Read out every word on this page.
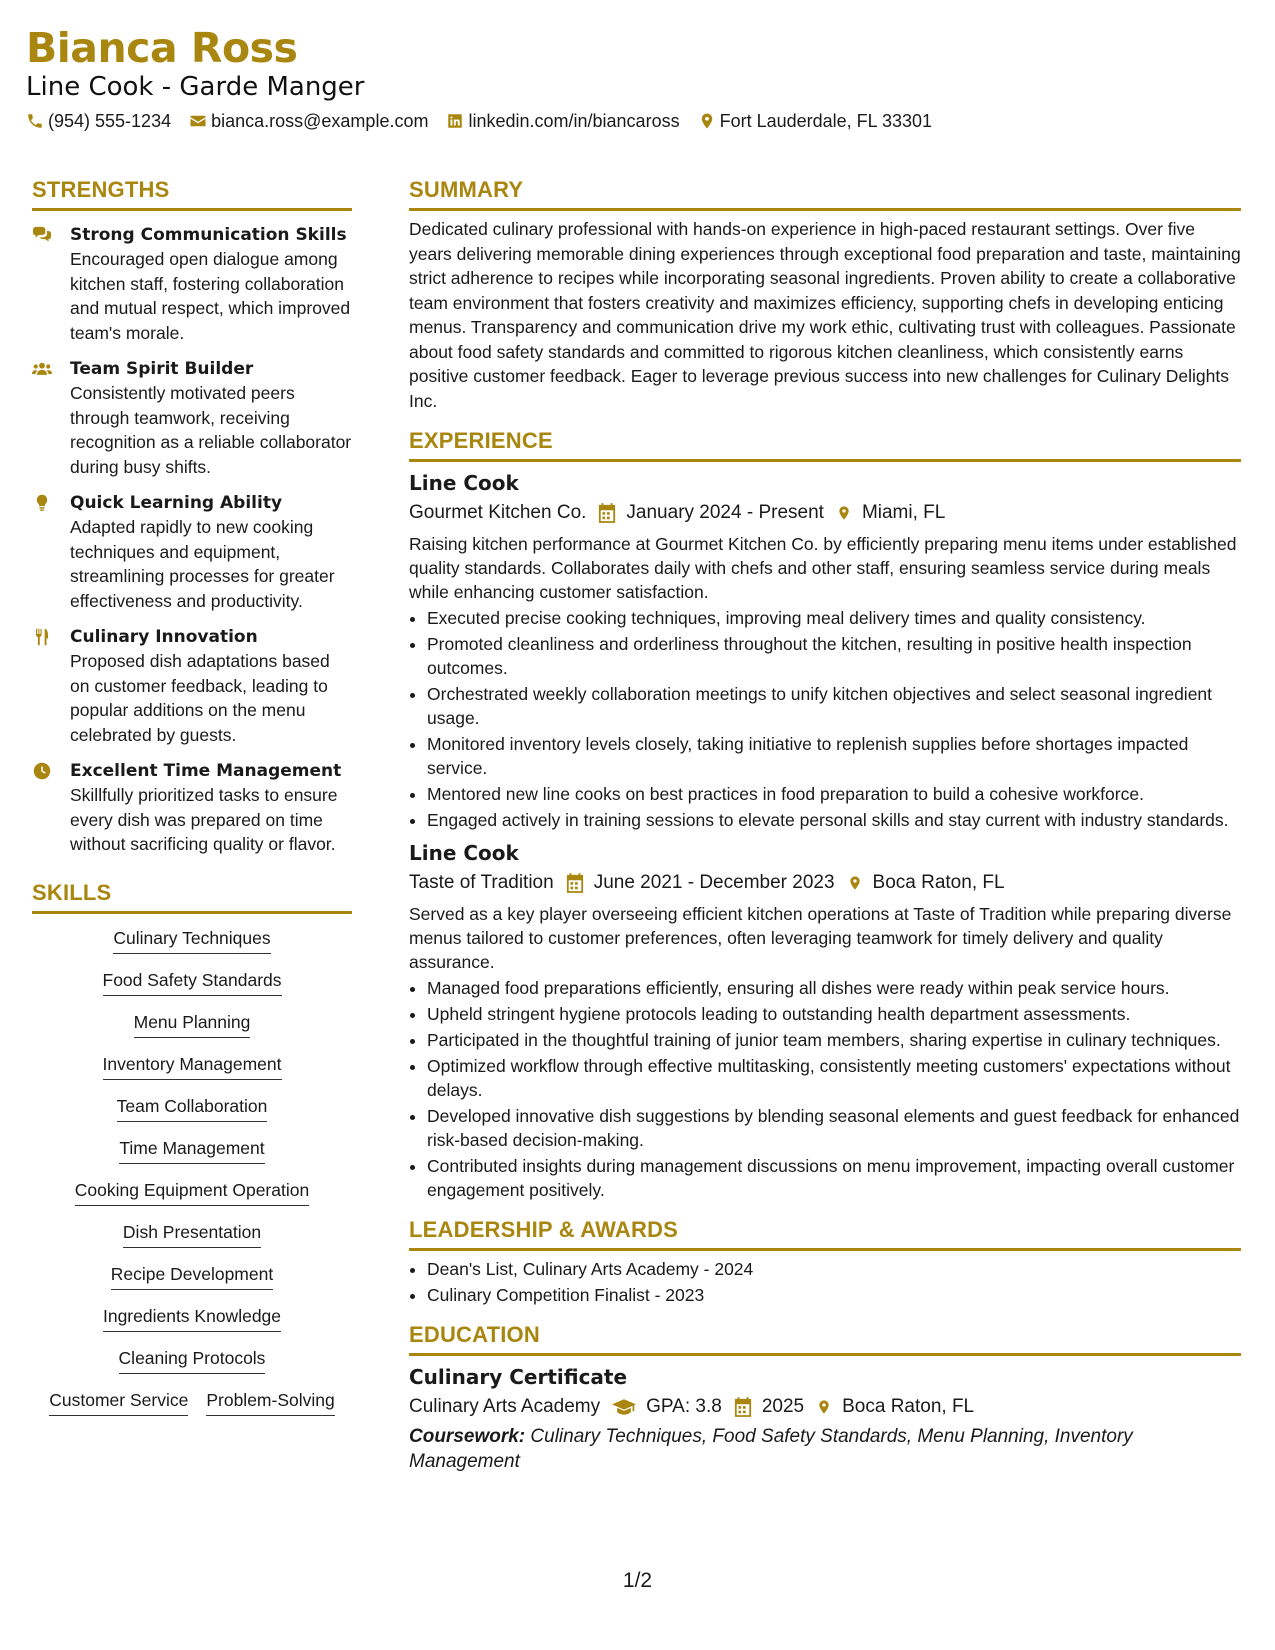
Bianca Ross
Line Cook - Garde Manger
(954) 555-1234 bianca.ross@example.com linkedin.com/in/biancaross Fort Lauderdale, FL 33301
STRENGTHS
Strong Communication Skills
Encouraged open dialogue among kitchen staff, fostering collaboration and mutual respect, which improved team's morale.
Team Spirit Builder
Consistently motivated peers through teamwork, receiving recognition as a reliable collaborator during busy shifts.
Quick Learning Ability
Adapted rapidly to new cooking techniques and equipment, streamlining processes for greater effectiveness and productivity.
Culinary Innovation
Proposed dish adaptations based on customer feedback, leading to popular additions on the menu celebrated by guests.
Excellent Time Management
Skillfully prioritized tasks to ensure every dish was prepared on time without sacrificing quality or flavor.
SKILLS
Culinary Techniques
Food Safety Standards
Menu Planning
Inventory Management
Team Collaboration
Time Management
Cooking Equipment Operation
Dish Presentation
Recipe Development
Ingredients Knowledge
Cleaning Protocols
Customer Service Problem-Solving
SUMMARY
Dedicated culinary professional with hands-on experience in high-paced restaurant settings. Over five years delivering memorable dining experiences through exceptional food preparation and taste, maintaining strict adherence to recipes while incorporating seasonal ingredients. Proven ability to create a collaborative team environment that fosters creativity and maximizes efficiency, supporting chefs in developing enticing menus. Transparency and communication drive my work ethic, cultivating trust with colleagues. Passionate about food safety standards and committed to rigorous kitchen cleanliness, which consistently earns positive customer feedback. Eager to leverage previous success into new challenges for Culinary Delights Inc.
EXPERIENCE
Line Cook
Gourmet Kitchen Co. January 2024 - Present Miami, FL
Raising kitchen performance at Gourmet Kitchen Co. by efficiently preparing menu items under established quality standards. Collaborates daily with chefs and other staff, ensuring seamless service during meals while enhancing customer satisfaction.
• Executed precise cooking techniques, improving meal delivery times and quality consistency.
• Promoted cleanliness and orderliness throughout the kitchen, resulting in positive health inspection outcomes.
• Orchestrated weekly collaboration meetings to unify kitchen objectives and select seasonal ingredient usage.
• Monitored inventory levels closely, taking initiative to replenish supplies before shortages impacted service.
• Mentored new line cooks on best practices in food preparation to build a cohesive workforce.
• Engaged actively in training sessions to elevate personal skills and stay current with industry standards.
Line Cook
Taste of Tradition June 2021 - December 2023 Boca Raton, FL
Served as a key player overseeing efficient kitchen operations at Taste of Tradition while preparing diverse menus tailored to customer preferences, often leveraging teamwork for timely delivery and quality assurance.
• Managed food preparations efficiently, ensuring all dishes were ready within peak service hours.
• Upheld stringent hygiene protocols leading to outstanding health department assessments.
• Participated in the thoughtful training of junior team members, sharing expertise in culinary techniques.
• Optimized workflow through effective multitasking, consistently meeting customers' expectations without delays.
• Developed innovative dish suggestions by blending seasonal elements and guest feedback for enhanced risk-based decision-making.
• Contributed insights during management discussions on menu improvement, impacting overall customer engagement positively.
LEADERSHIP & AWARDS
• Dean's List, Culinary Arts Academy - 2024
• Culinary Competition Finalist - 2023
EDUCATION
Culinary Certificate
Culinary Arts Academy GPA: 3.8 2025 Boca Raton, FL
Coursework: Culinary Techniques, Food Safety Standards, Menu Planning, Inventory Management
1/2
